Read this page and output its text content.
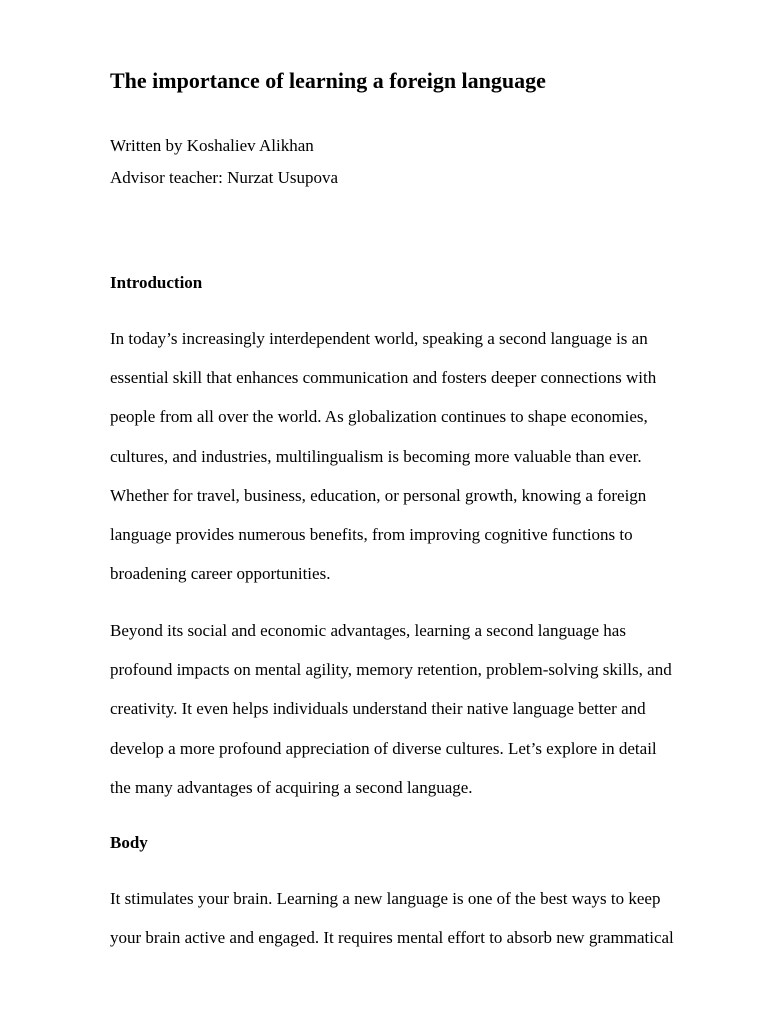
The importance of learning a foreign language

Written by Koshaliev Alikhan

Advisor teacher: Nurzat Usupova

Introduction
In today’s increasingly interdependent world, speaking a second language is an
essential skill that enhances communication and fosters deeper connections with
people from all over the world. As globalization continues to shape economies,
cultures, and industries, multilingualism is becoming more valuable than ever.
Whether for travel, business, education, or personal growth, knowing a foreign
language provides numerous benefits, from improving cognitive functions to
broadening career opportunities.
Beyond its social and economic advantages, learning a second language has
profound impacts on mental agility, memory retention, problem-solving skills, and
creativity. It even helps individuals understand their native language better and
develop a more profound appreciation of diverse cultures. Let’s explore in detail
the many advantages of acquiring a second language.
Body
It stimulates your brain. Learning a new language is one of the best ways to keep
your brain active and engaged. It requires mental effort to absorb new grammatical
